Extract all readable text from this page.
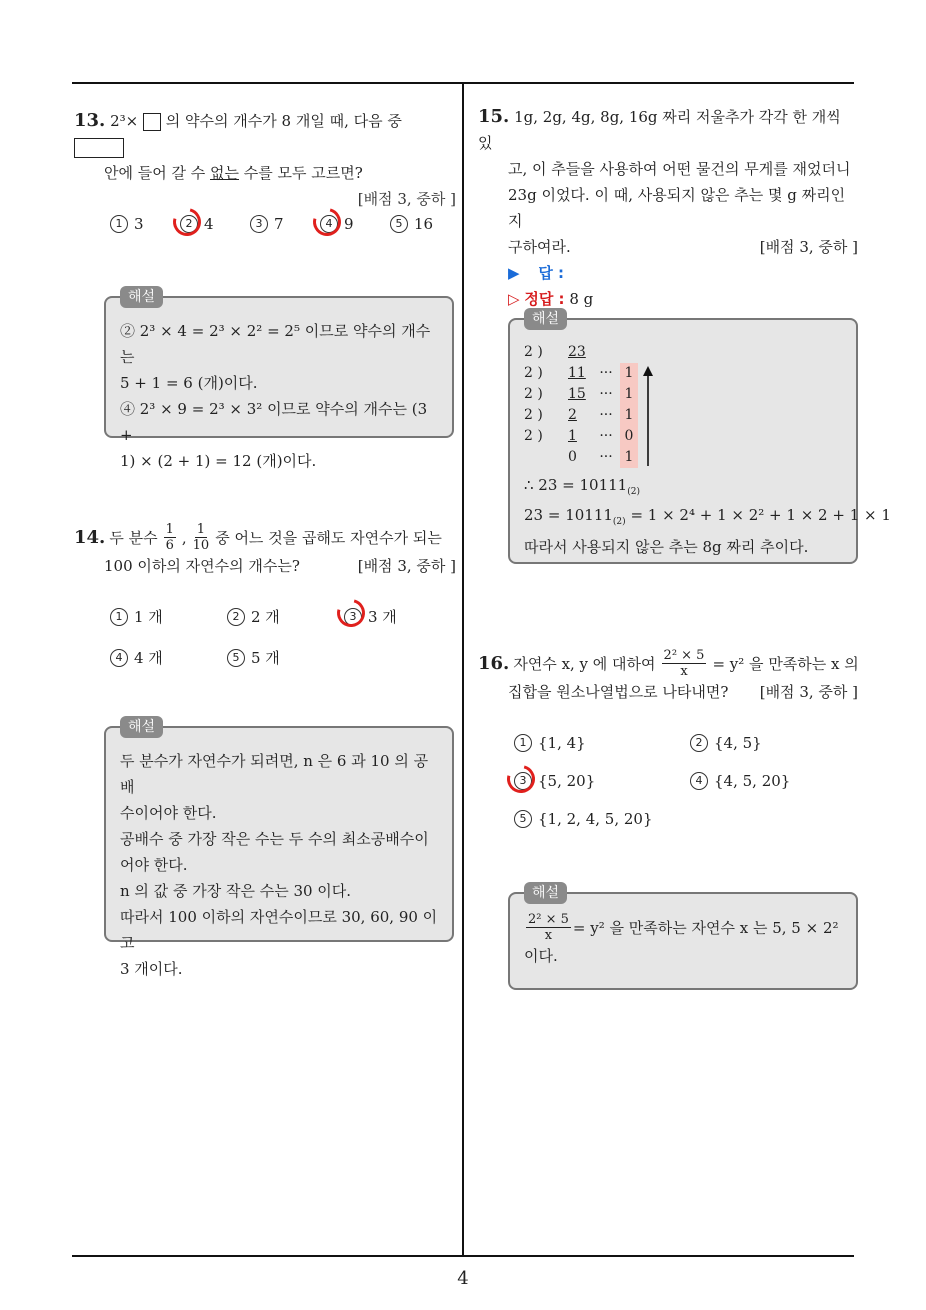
13. 2³×  의 약수의 개수가 8 개일 때, 다음 중
안에 들어 갈 수 없는 수를 모두 고르면?
[배점 3, 중하 ]
1 3	2 4	3 7	4 9	5 16
해설
② 2³ × 4 = 2³ × 2² = 2⁵ 이므로 약수의 개수는
5 + 1 = 6 (개)이다.
④ 2³ × 9 = 2³ × 3² 이므로 약수의 개수는 (3 +
1) × (2 + 1) = 12 (개)이다.
14. 두 분수 $\frac{1}{6}$ , $\frac{1}{10}$ 중 어느 것을 곱해도 자연수가 되는
100 이하의 자연수의 개수는?	[배점 3, 중하 ]
1 1 개	2 2 개	3 3 개
4 4 개	5 5 개
해설
두 분수가 자연수가 되려면, n 은 6 과 10 의 공배
수이어야 한다.
공배수 중 가장 작은 수는 두 수의 최소공배수이
어야 한다.
n 의 값 중 가장 작은 수는 30 이다.
따라서 100 이하의 자연수이므로 30, 60, 90 이고
3 개이다.
15. 1g, 2g, 4g, 8g, 16g 짜리 저울추가 각각 한 개씩 있
고, 이 추들을 사용하여 어떤 물건의 무게를 재었더니
23g 이었다. 이 때, 사용되지 않은 추는 몇 g 짜리인지
구하여라.	[배점 3, 중하 ]
▶ 답 :
▷ 정답 : 8 g
해설
2 )	23
2 )	11 ··· 1
2 )	15 ··· 1
2 )	2	··· 1
2 )	1	··· 0
0	··· 1
∴ $23 = 10111_{(2)}$
$23 = 10111_{(2)} = 1 \times 2^4 + 1 \times 2^2 + 1 \times 2 + 1 \times 1$
따라서 사용되지 않은 추는 8g 짜리 추이다.
16. 자연수 x, y 에 대하여 $\frac{\text{2² × 5}}{x} = y^2$ 을 만족하는 x 의
집합을 원소나열법으로 나타내면? [배점 3, 중하 ]
1 {1, 4}	2 {4, 5}
3 {5, 20}	4 {4, 5, 20}
5 {1, 2, 4, 5, 20}
해설
$\frac{\text{2² × 5}}{x} = y^2$ 을 만족하는 자연수 x 는 5, 5 × 2²
이다.
4
